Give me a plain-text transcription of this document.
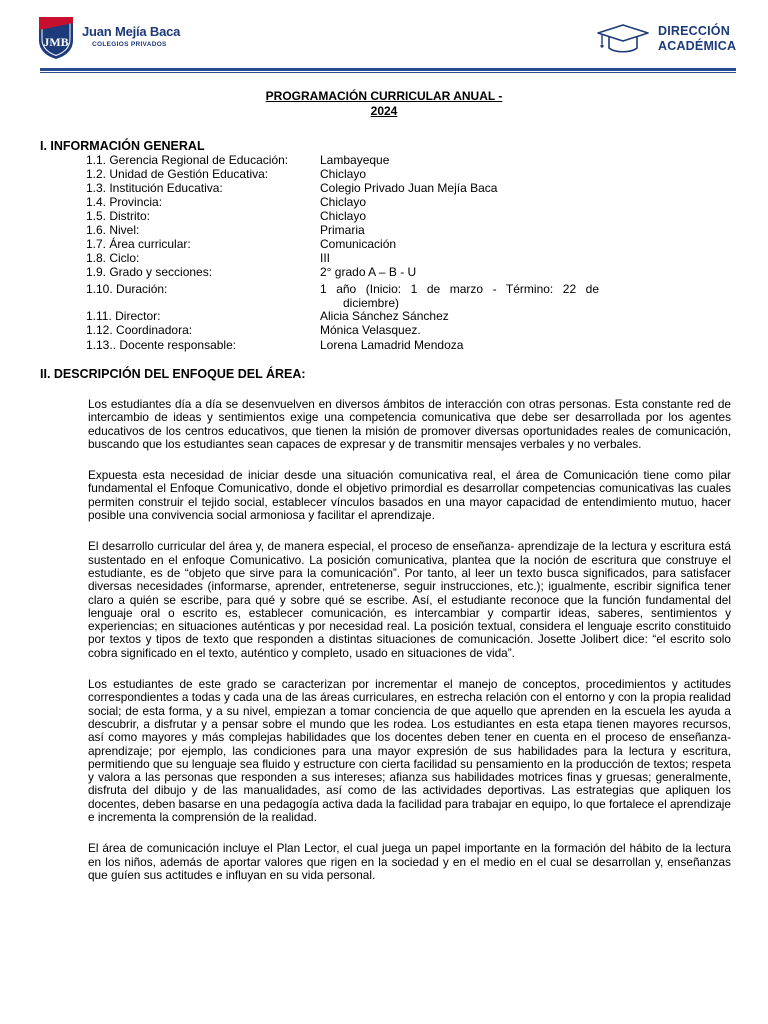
JMB
Juan Mejía Baca
COLEGIOS PRIVADOS
DIRECCIÓN
ACADÉMICA
PROGRAMACIÓN CURRICULAR ANUAL -
2024
I. INFORMACIÓN GENERAL
1.1. Gerencia Regional de Educación:	Lambayeque
1.2. Unidad de Gestión Educativa:	Chiclayo
1.3. Institución Educativa:	Colegio Privado Juan Mejía Baca
1.4. Provincia:	Chiclayo
1.5. Distrito:	Chiclayo
1.6. Nivel:	Primaria
1.7. Área curricular:	Comunicación
1.8. Ciclo:	III
1.9. Grado y secciones:	2° grado A – B - U
1.10. Duración:	1 año (Inicio: 1 de marzo - Término: 22 de
diciembre)
1.11. Director:	Alicia Sánchez Sánchez
1.12. Coordinadora:	Mónica Velasquez.
1.13.. Docente responsable:	Lorena Lamadrid Mendoza
II. DESCRIPCIÓN DEL ENFOQUE DEL ÁREA:

Los estudiantes día a día se desenvuelven en diversos ámbitos de interacción con otras personas. Esta constante red de intercambio de ideas y sentimientos exige una competencia comunicativa que debe ser desarrollada por los agentes educativos de los centros educativos, que tienen la misión de promover diversas oportunidades reales de comunicación, buscando que los estudiantes sean capaces de expresar y de transmitir mensajes verbales y no verbales.

Expuesta esta necesidad de iniciar desde una situación comunicativa real, el área de Comunicación tiene como pilar fundamental el Enfoque Comunicativo, donde el objetivo primordial es desarrollar competencias comunicativas las cuales permiten construir el tejido social, establecer vínculos basados en una mayor capacidad de entendimiento mutuo, hacer posible una convivencia social armoniosa y facilitar el aprendizaje.

El desarrollo curricular del área y, de manera especial, el proceso de enseñanza- aprendizaje de la lectura y escritura está sustentado en el enfoque Comunicativo. La posición comunicativa, plantea que la noción de escritura que construye el estudiante, es de “objeto que sirve para la comunicación”. Por tanto, al leer un texto busca significados, para satisfacer diversas necesidades (informarse, aprender, entretenerse, seguir instrucciones, etc.); igualmente, escribir significa tener claro a quién se escribe, para qué y sobre qué se escribe. Así, el estudiante reconoce que la función fundamental del lenguaje oral o escrito es, establecer comunicación, es intercambiar y compartir ideas, saberes, sentimientos y experiencias; en situaciones auténticas y por necesidad real. La posición textual, considera el lenguaje escrito constituido por textos y tipos de texto que responden a distintas situaciones de comunicación. Josette Jolibert dice: “el escrito solo cobra significado en el texto, auténtico y completo, usado en situaciones de vida”.

Los estudiantes de este grado se caracterizan por incrementar el manejo de conceptos, procedimientos y actitudes correspondientes a todas y cada una de las áreas curriculares, en estrecha relación con el entorno y con la propia realidad social; de esta forma, y a su nivel, empiezan a tomar conciencia de que aquello que aprenden en la escuela les ayuda a descubrir, a disfrutar y a pensar sobre el mundo que les rodea. Los estudiantes en esta etapa tienen mayores recursos, así como mayores y más complejas habilidades que los docentes deben tener en cuenta en el proceso de enseñanza-aprendizaje; por ejemplo, las condiciones para una mayor expresión de sus habilidades para la lectura y escritura, permitiendo que su lenguaje sea fluido y estructure con cierta facilidad su pensamiento en la producción de textos; respeta y valora a las personas que responden a sus intereses; afianza sus habilidades motrices finas y gruesas; generalmente, disfruta del dibujo y de las manualidades, así como de las actividades deportivas. Las estrategias que apliquen los docentes, deben basarse en una pedagogía activa dada la facilidad para trabajar en equipo, lo que fortalece el aprendizaje e incrementa la comprensión de la realidad.

El área de comunicación incluye el Plan Lector, el cual juega un papel importante en la formación del hábito de la lectura en los niños, además de aportar valores que rigen en la sociedad y en el medio en el cual se desarrollan y, enseñanzas que guíen sus actitudes e influyan en su vida personal.
